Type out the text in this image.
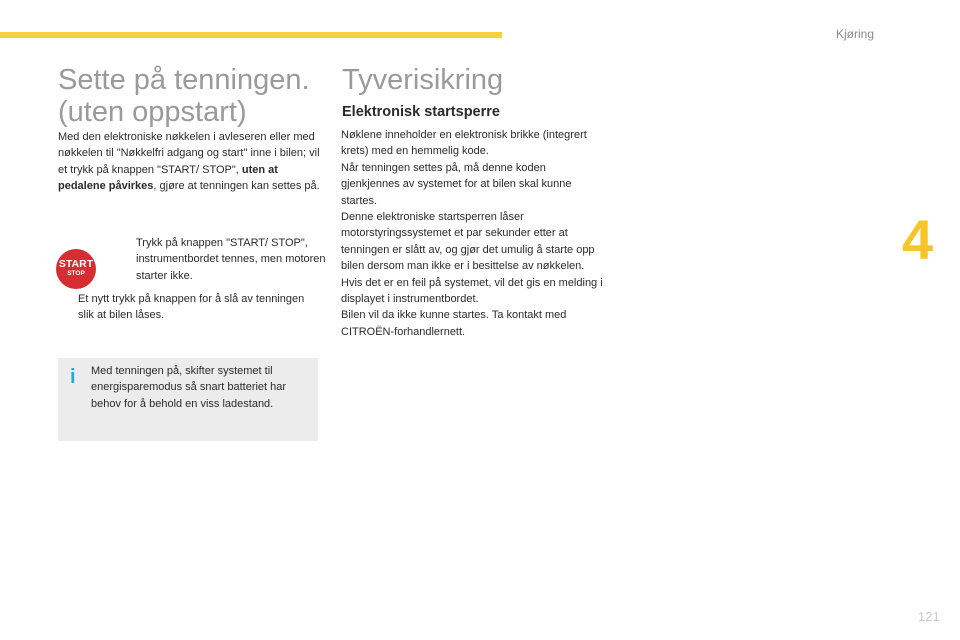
Kjøring
4
Sette på tenningen.
(uten oppstart)

Med den elektroniske nøkkelen i avleseren eller med nøkkelen til "Nøkkelfri adgang og start" inne i bilen; vil et trykk på knappen "START/ STOP", uten at pedalene påvirkes, gjøre at tenningen kan settes på.

START
STOP

Trykk på knappen "START/ STOP", instrumentbordet tennes, men motoren starter ikke.

Et nytt trykk på knappen for å slå av tenningen slik at bilen låses.

i	Med tenningen på, skifter systemet til energisparemodus så snart batteriet har behov for å behold en viss ladestand.

Tyverisikring
Elektronisk startsperre

Nøklene inneholder en elektronisk brikke (integrert krets) med en hemmelig kode.
Når tenningen settes på, må denne koden gjenkjennes av systemet for at bilen skal kunne startes.
Denne elektroniske startsperren låser motorstyringssystemet et par sekunder etter at tenningen er slått av, og gjør det umulig å starte opp bilen dersom man ikke er i besittelse av nøkkelen.
Hvis det er en feil på systemet, vil det gis en melding i displayet i instrumentbordet.
Bilen vil da ikke kunne startes. Ta kontakt med CITROËN-forhandlernett.

121
